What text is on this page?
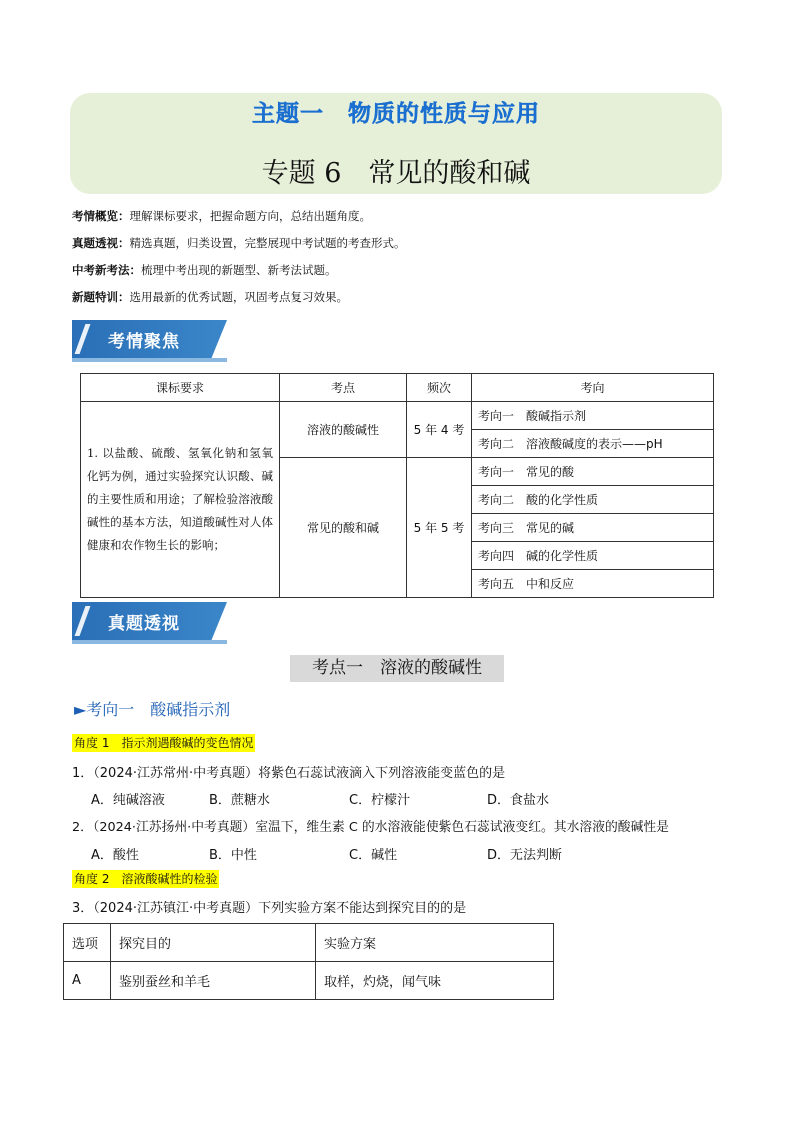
主题一　物质的性质与应用
专题 6　常见的酸和碱
考情概览：理解课标要求，把握命题方向，总结出题角度。
真题透视：精选真题，归类设置，完整展现中考试题的考查形式。
中考新考法：梳理中考出现的新题型、新考法试题。
新题特训：选用最新的优秀试题，巩固考点复习效果。
考情聚焦
课标要求	考点	频次	考向
1. 以盐酸、硫酸、氢氧化钠和氢氧化钙为例，通过实验探究认识酸、碱的主要性质和用途；了解检验溶液酸碱性的基本方法，知道酸碱性对人体健康和农作物生长的影响；	溶液的酸碱性	5 年 4 考	考向一　酸碱指示剂
			考向二　溶液酸碱度的表示——pH
	常见的酸和碱	5 年 5 考	考向一　常见的酸
			考向二　酸的化学性质
			考向三　常见的碱
			考向四　碱的化学性质
			考向五　中和反应
真题透视
考点一　溶液的酸碱性
►考向一　酸碱指示剂
角度 1　指示剂遇酸碱的变色情况
1．（2024·江苏常州·中考真题）将紫色石蕊试液滴入下列溶液能变蓝色的是
A．纯碱溶液	B．蔗糖水	C．柠檬汁	D．食盐水
2．（2024·江苏扬州·中考真题）室温下，维生素 C 的水溶液能使紫色石蕊试液变红。其水溶液的酸碱性是
A．酸性	B．中性	C．碱性	D．无法判断
角度 2　溶液酸碱性的检验
3．（2024·江苏镇江·中考真题）下列实验方案不能达到探究目的的是
选项	探究目的	实验方案
A	鉴别蚕丝和羊毛	取样，灼烧，闻气味
